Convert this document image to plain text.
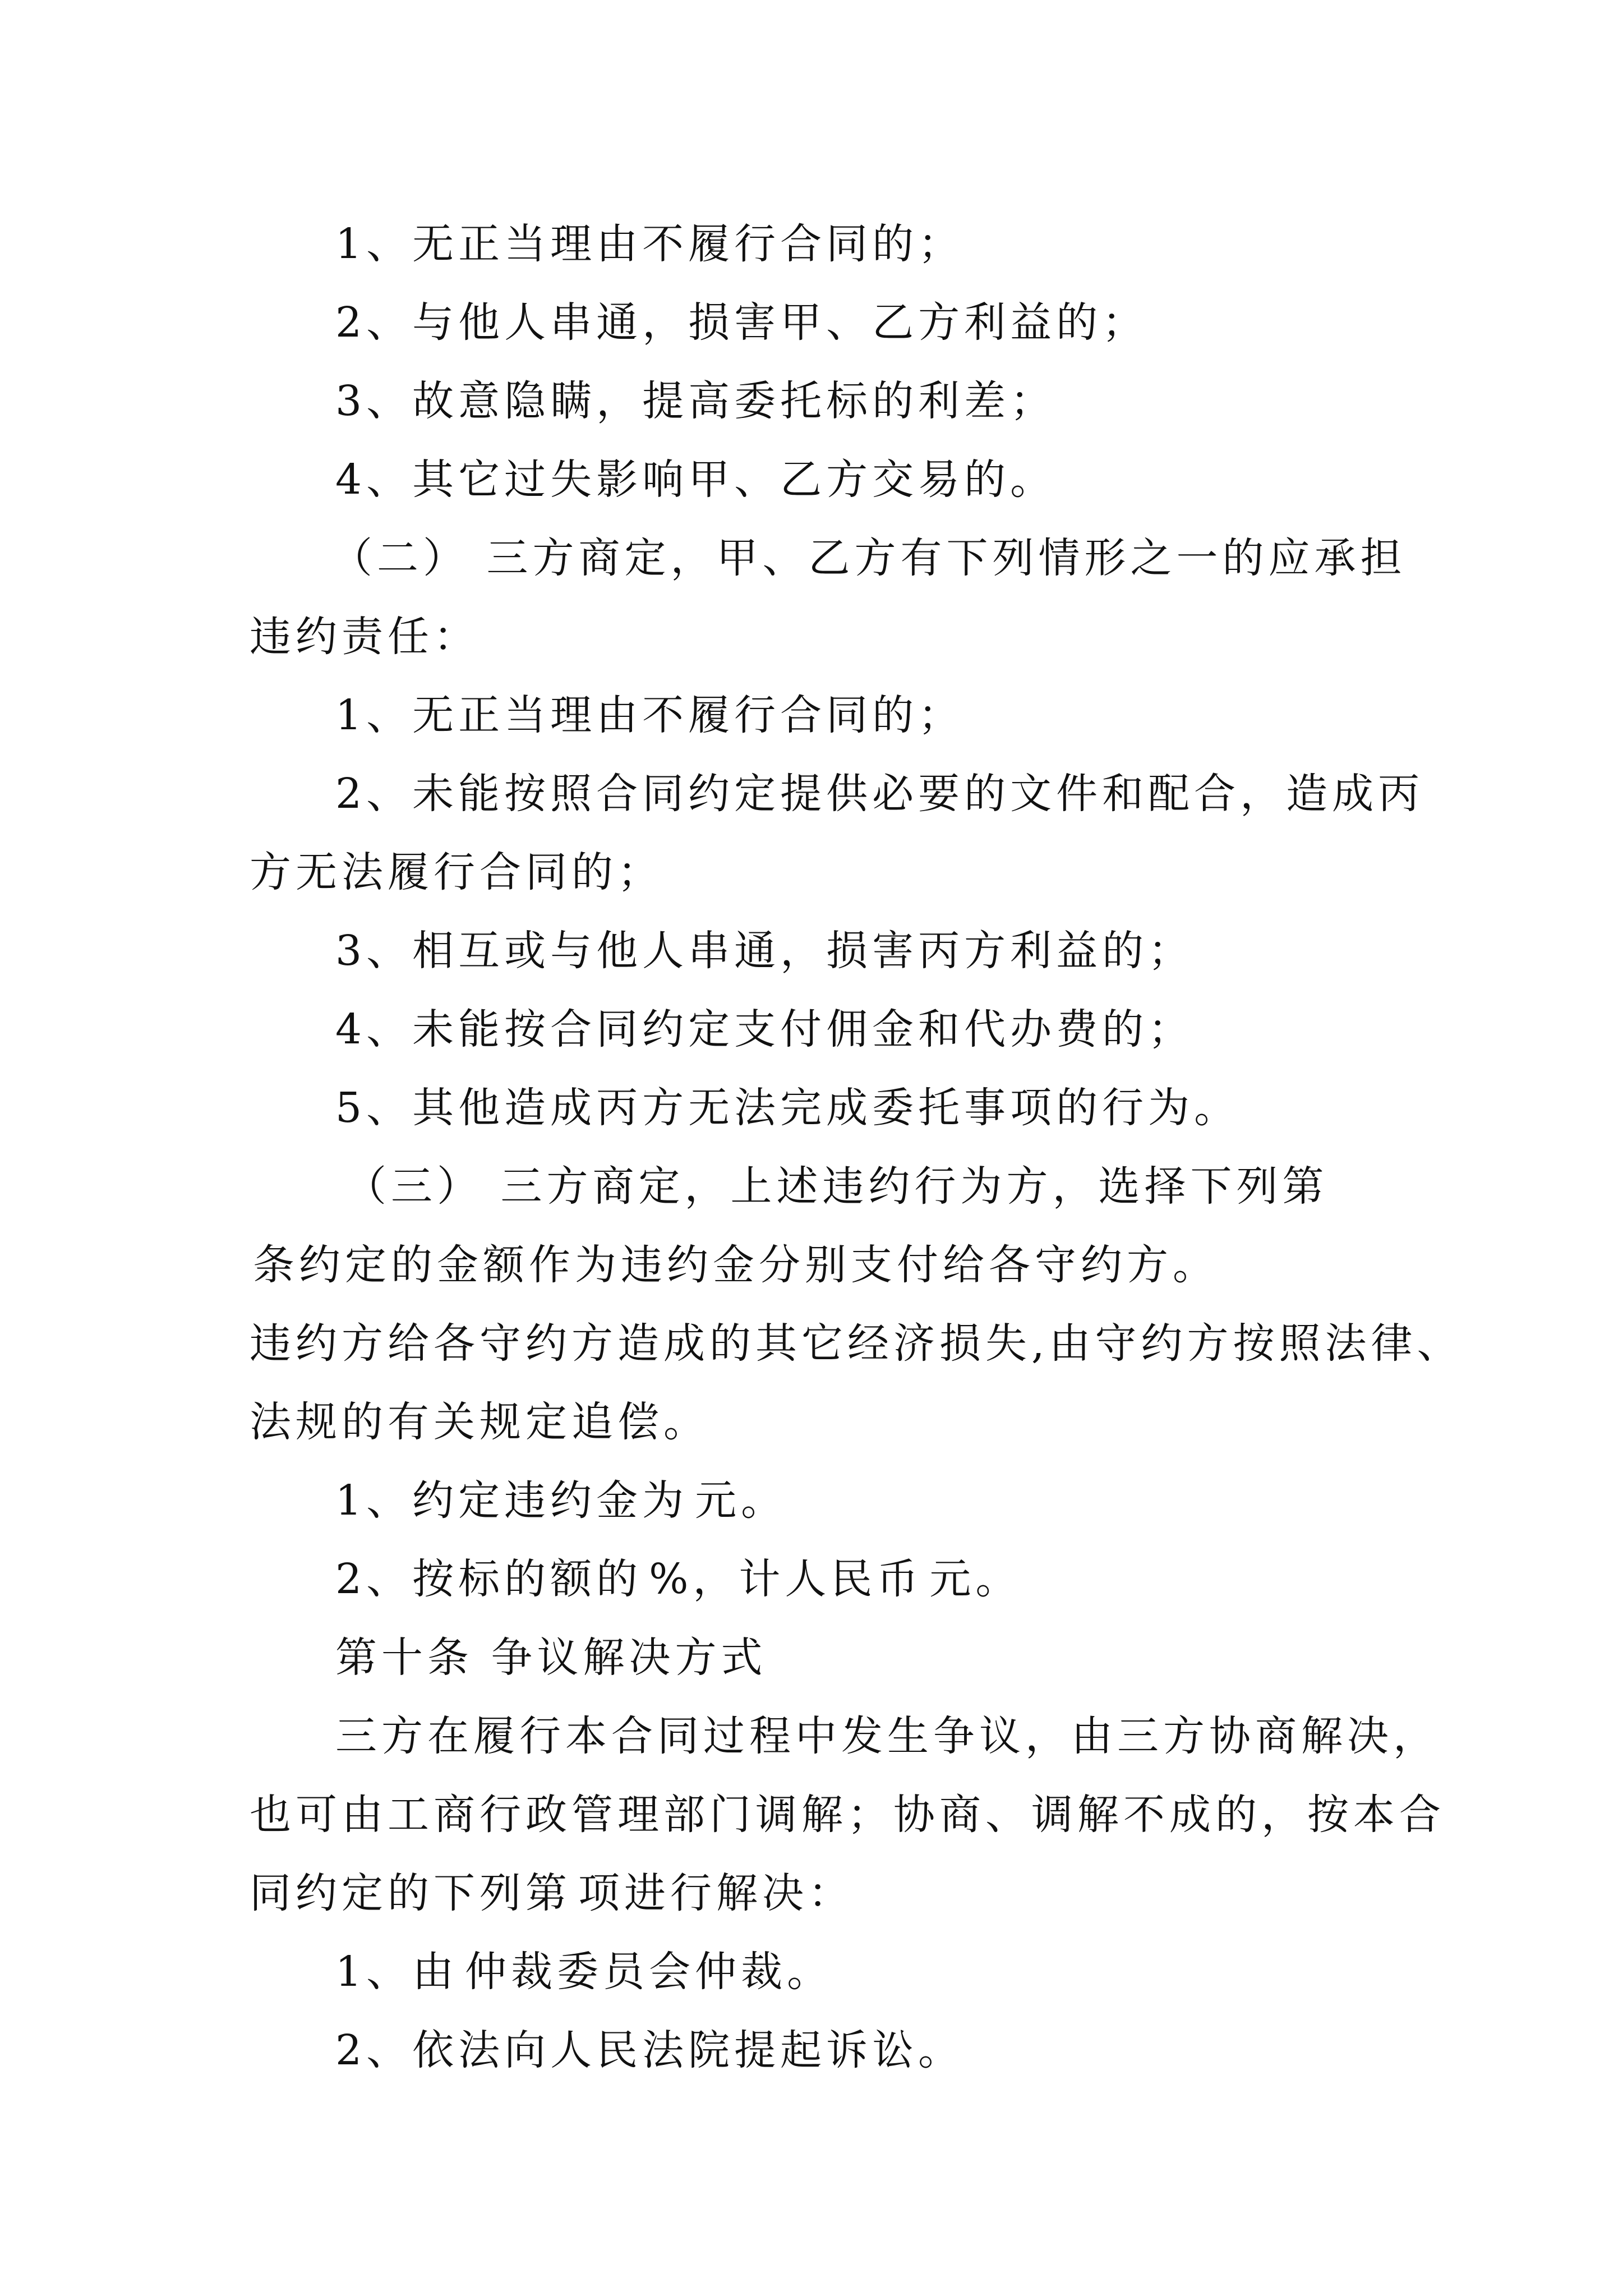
1、无正当理由不履行合同的；
2、与他人串通，损害甲、乙方利益的；
3、故意隐瞒，提高委托标的利差；
4、其它过失影响甲、乙方交易的。
（二） 三方商定，甲、乙方有下列情形之一的应承担
违约责任：
1、无正当理由不履行合同的；
2、未能按照合同约定提供必要的文件和配合，造成丙
方无法履行合同的；
3、相互或与他人串通，损害丙方利益的；
4、未能按合同约定支付佣金和代办费的；
5、其他造成丙方无法完成委托事项的行为。
（三） 三方商定，上述违约行为方，选择下列第
条约定的金额作为违约金分别支付给各守约方。
违约方给各守约方造成的其它经济损失,由守约方按照法律、
法规的有关规定追偿。
1、约定违约金为 元。
2、按标的额的 %，计人民币 元。
第十条 争议解决方式
三方在履行本合同过程中发生争议，由三方协商解决，
也可由工商行政管理部门调解；协商、调解不成的，按本合
同约定的下列第 项进行解决：
1、由 仲裁委员会仲裁。
2、依法向人民法院提起诉讼。
